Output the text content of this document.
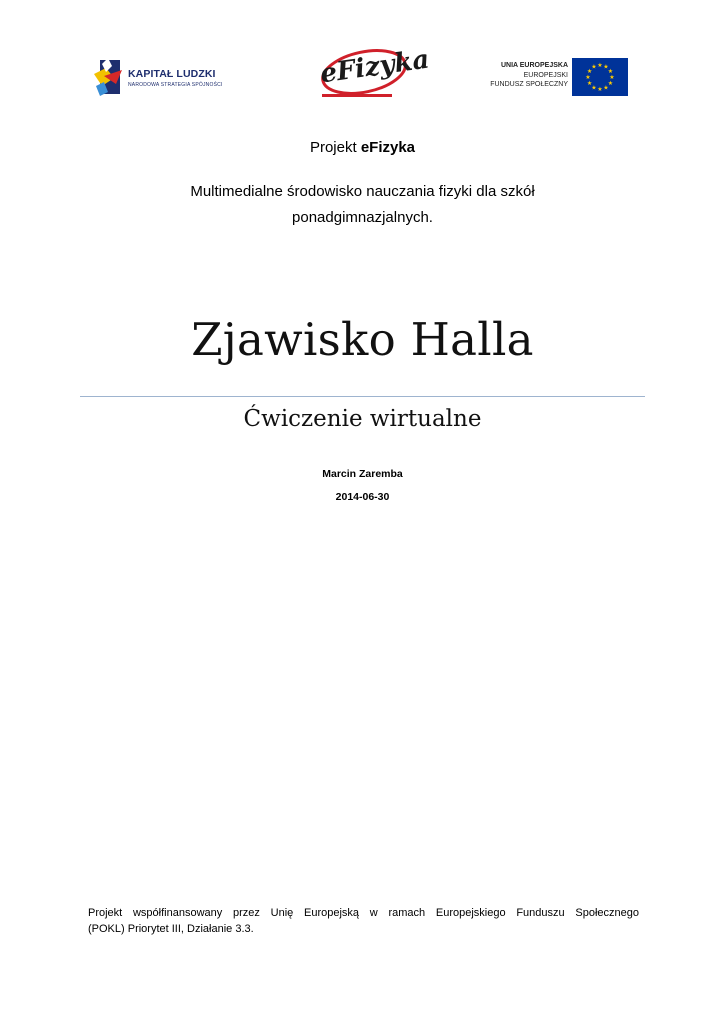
KAPITAŁ LUDZKI
NARODOWA STRATEGIA SPÓJNOŚCI	eFizyka	UNIA EUROPEJSKA
EUROPEJSKI
FUNDUSZ SPOŁECZNY
★
★
★
★
★
★
★
★
★ ★ ★
★
Projekt eFizyka
Multimedialne środowisko nauczania fizyki dla szkół
ponadgimnazjalnych.
Zjawisko Halla
Ćwiczenie wirtualne
Marcin Zaremba
2014-06-30
Projekt współfinansowany przez Unię Europejską w ramach Europejskiego Funduszu Społecznego
(POKL) Priorytet III, Działanie 3.3.
